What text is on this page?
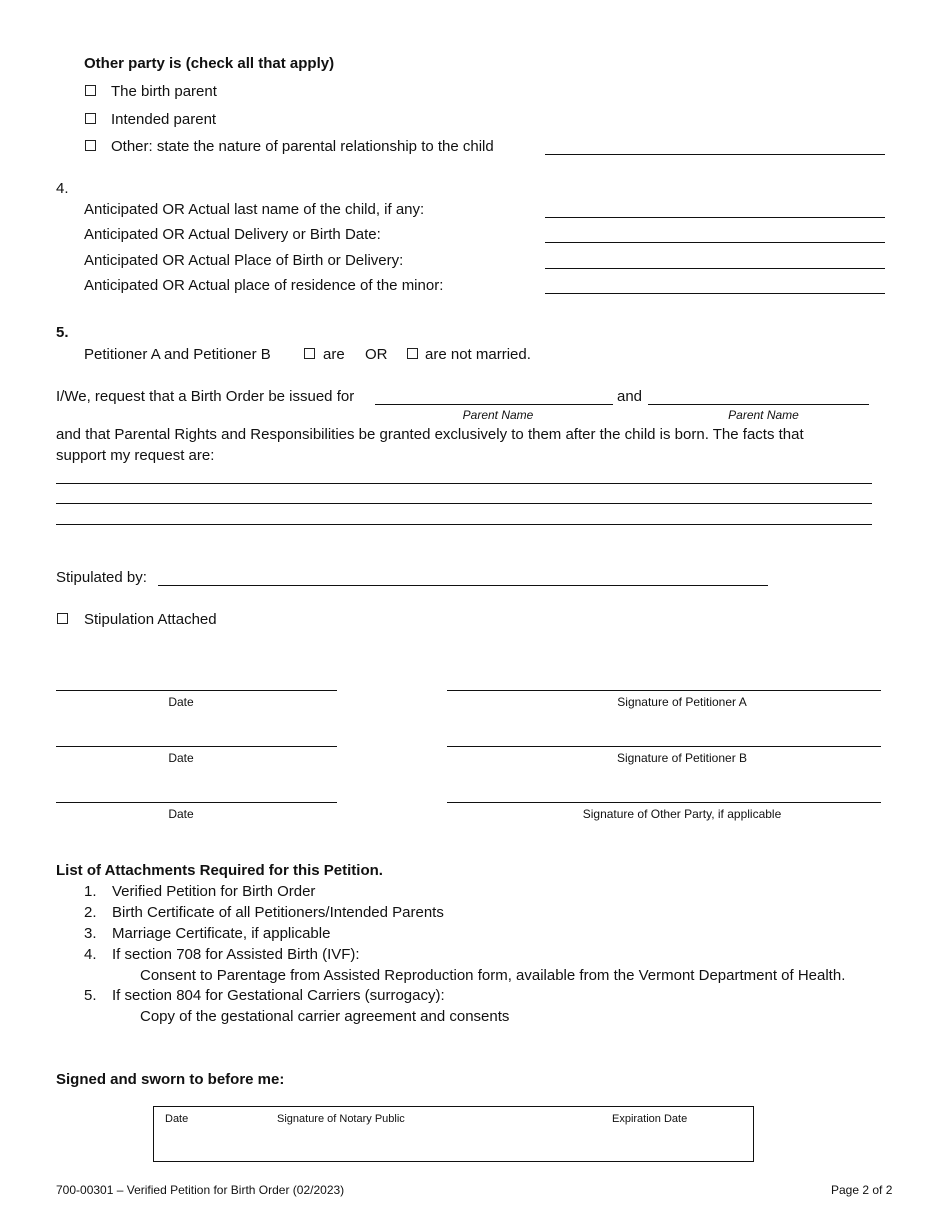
Other party is (check all that apply)
The birth parent
Intended parent
Other: state the nature of parental relationship to the child
4.
Anticipated OR Actual last name of the child, if any:
Anticipated OR Actual Delivery or Birth Date:
Anticipated OR Actual Place of Birth or Delivery:
Anticipated OR Actual place of residence of the minor:
5.
Petitioner A and Petitioner B	are OR	are not married.
I/We, request that a Birth Order be issued for	and
Parent Name	Parent Name
and that Parental Rights and Responsibilities be granted exclusively to them after the child is born. The facts that
support my request are:
Stipulated by:
Stipulation Attached
Date	Signature of Petitioner A
Date	Signature of Petitioner B
Date	Signature of Other Party, if applicable
List of Attachments Required for this Petition.
1. Verified Petition for Birth Order
2. Birth Certificate of all Petitioners/Intended Parents
3. Marriage Certificate, if applicable
4. If section 708 for Assisted Birth (IVF):
Consent to Parentage from Assisted Reproduction form, available from the Vermont Department of Health.
5. If section 804 for Gestational Carriers (surrogacy):
Copy of the gestational carrier agreement and consents
Signed and sworn to before me:
Date	Signature of Notary Public	Expiration Date
700-00301 – Verified Petition for Birth Order (02/2023)	Page 2 of 2
